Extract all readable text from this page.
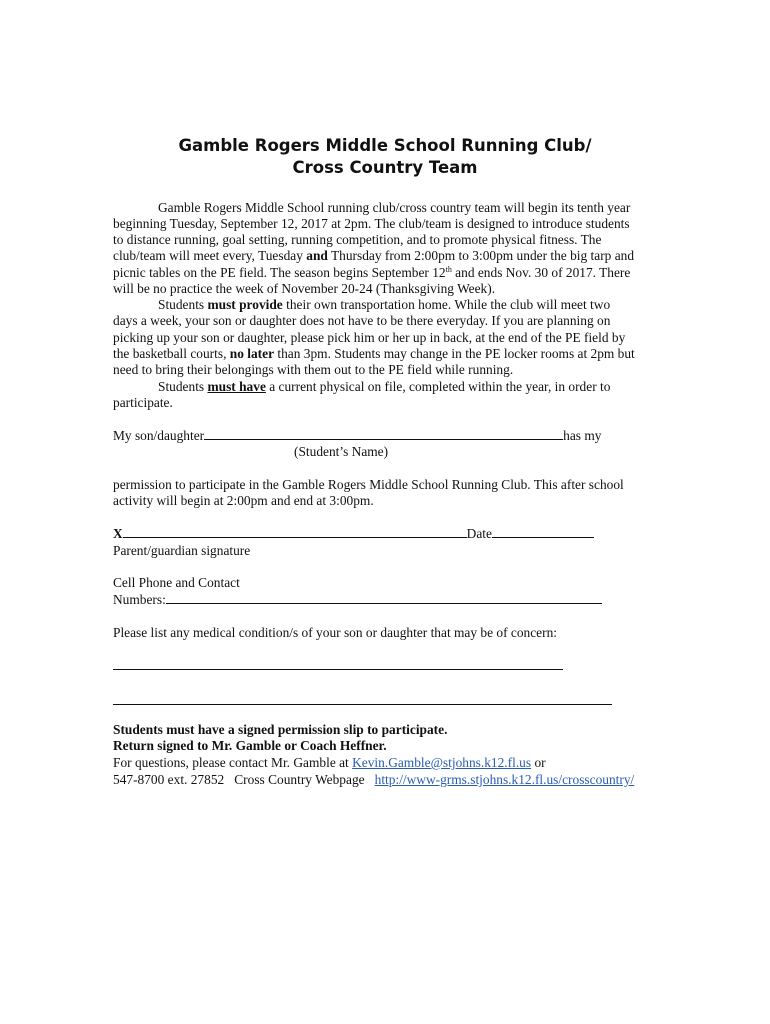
Gamble Rogers Middle School Running Club/
Cross Country Team
Gamble Rogers Middle School running club/cross country team will begin its tenth year
beginning Tuesday, September 12, 2017 at 2pm. The club/team is designed to introduce students
to distance running, goal setting, running competition, and to promote physical fitness. The
club/team will meet every, Tuesday and Thursday from 2:00pm to 3:00pm under the big tarp and
picnic tables on the PE field. The season begins September 12th and ends Nov. 30 of 2017. There
will be no practice the week of November 20-24 (Thanksgiving Week).
Students must provide their own transportation home. While the club will meet two
days a week, your son or daughter does not have to be there everyday. If you are planning on
picking up your son or daughter, please pick him or her up in back, at the end of the PE field by
the basketball courts, no later than 3pm. Students may change in the PE locker rooms at 2pm but
need to bring their belongings with them out to the PE field while running.
Students must have a current physical on file, completed within the year, in order to
participate.
My son/daughter	has my
(Student’s Name)
permission to participate in the Gamble Rogers Middle School Running Club. This after school
activity will begin at 2:00pm and end at 3:00pm.
X	Date
Parent/guardian signature
Cell Phone and Contact
Numbers:
Please list any medical condition/s of your son or daughter that may be of concern:
Students must have a signed permission slip to participate.
Return signed to Mr. Gamble or Coach Heffner.
For questions, please contact Mr. Gamble at Kevin.Gamble@stjohns.k12.fl.us or
547-8700 ext. 27852   Cross Country Webpage   http://www-grms.stjohns.k12.fl.us/crosscountry/
